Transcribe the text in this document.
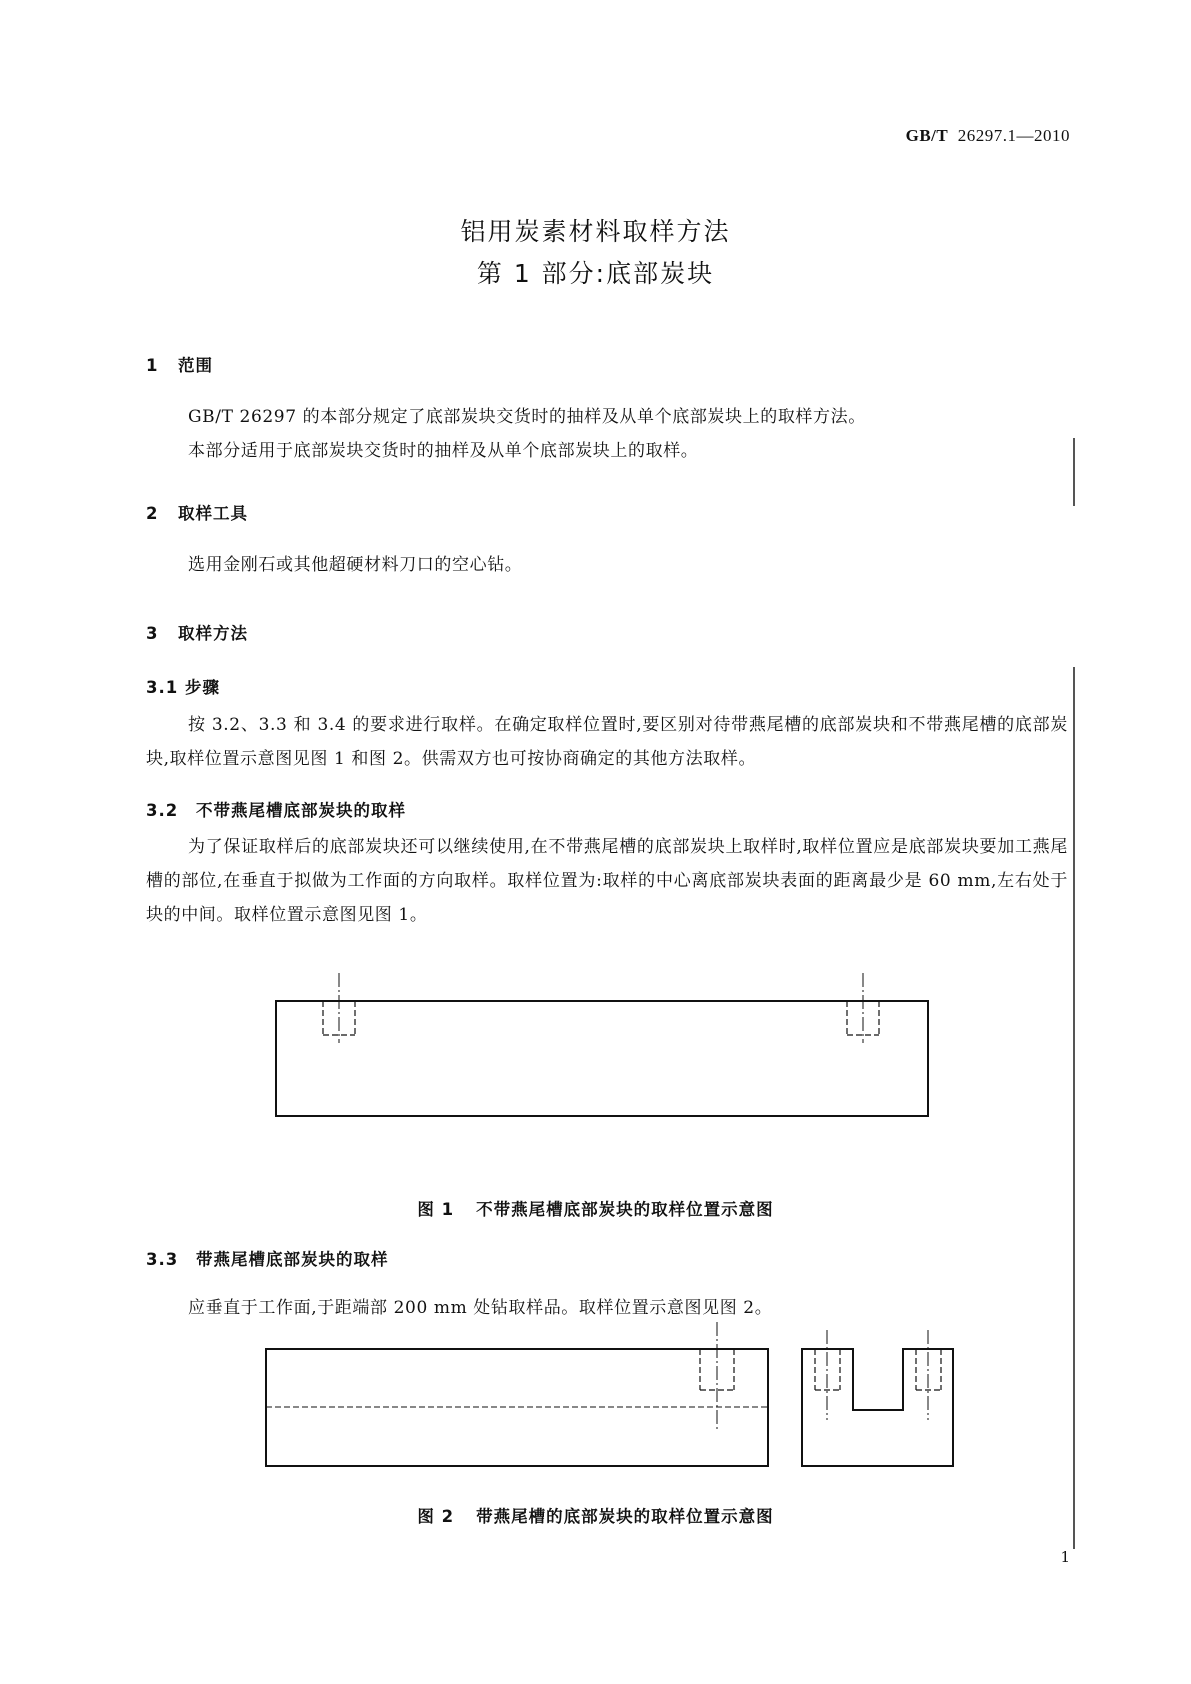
GB/T 26297.1—2010
铝用炭素材料取样方法
第 1 部分:底部炭块
1 范围
GB/T 26297 的本部分规定了底部炭块交货时的抽样及从单个底部炭块上的取样方法。
本部分适用于底部炭块交货时的抽样及从单个底部炭块上的取样。
2 取样工具
选用金刚石或其他超硬材料刀口的空心钻。
3 取样方法
3.1 步骤
按 3.2、3.3 和 3.4 的要求进行取样。在确定取样位置时,要区别对待带燕尾槽的底部炭块和不带燕尾槽的底部炭块,取样位置示意图见图 1 和图 2。供需双方也可按协商确定的其他方法取样。
3.2 不带燕尾槽底部炭块的取样
为了保证取样后的底部炭块还可以继续使用,在不带燕尾槽的底部炭块上取样时,取样位置应是底部炭块要加工燕尾槽的部位,在垂直于拟做为工作面的方向取样。取样位置为:取样的中心离底部炭块表面的距离最少是 60 mm,左右处于块的中间。取样位置示意图见图 1。
图 1 不带燕尾槽底部炭块的取样位置示意图
3.3 带燕尾槽底部炭块的取样
应垂直于工作面,于距端部 200 mm 处钻取样品。取样位置示意图见图 2。
图 2 带燕尾槽的底部炭块的取样位置示意图
1
